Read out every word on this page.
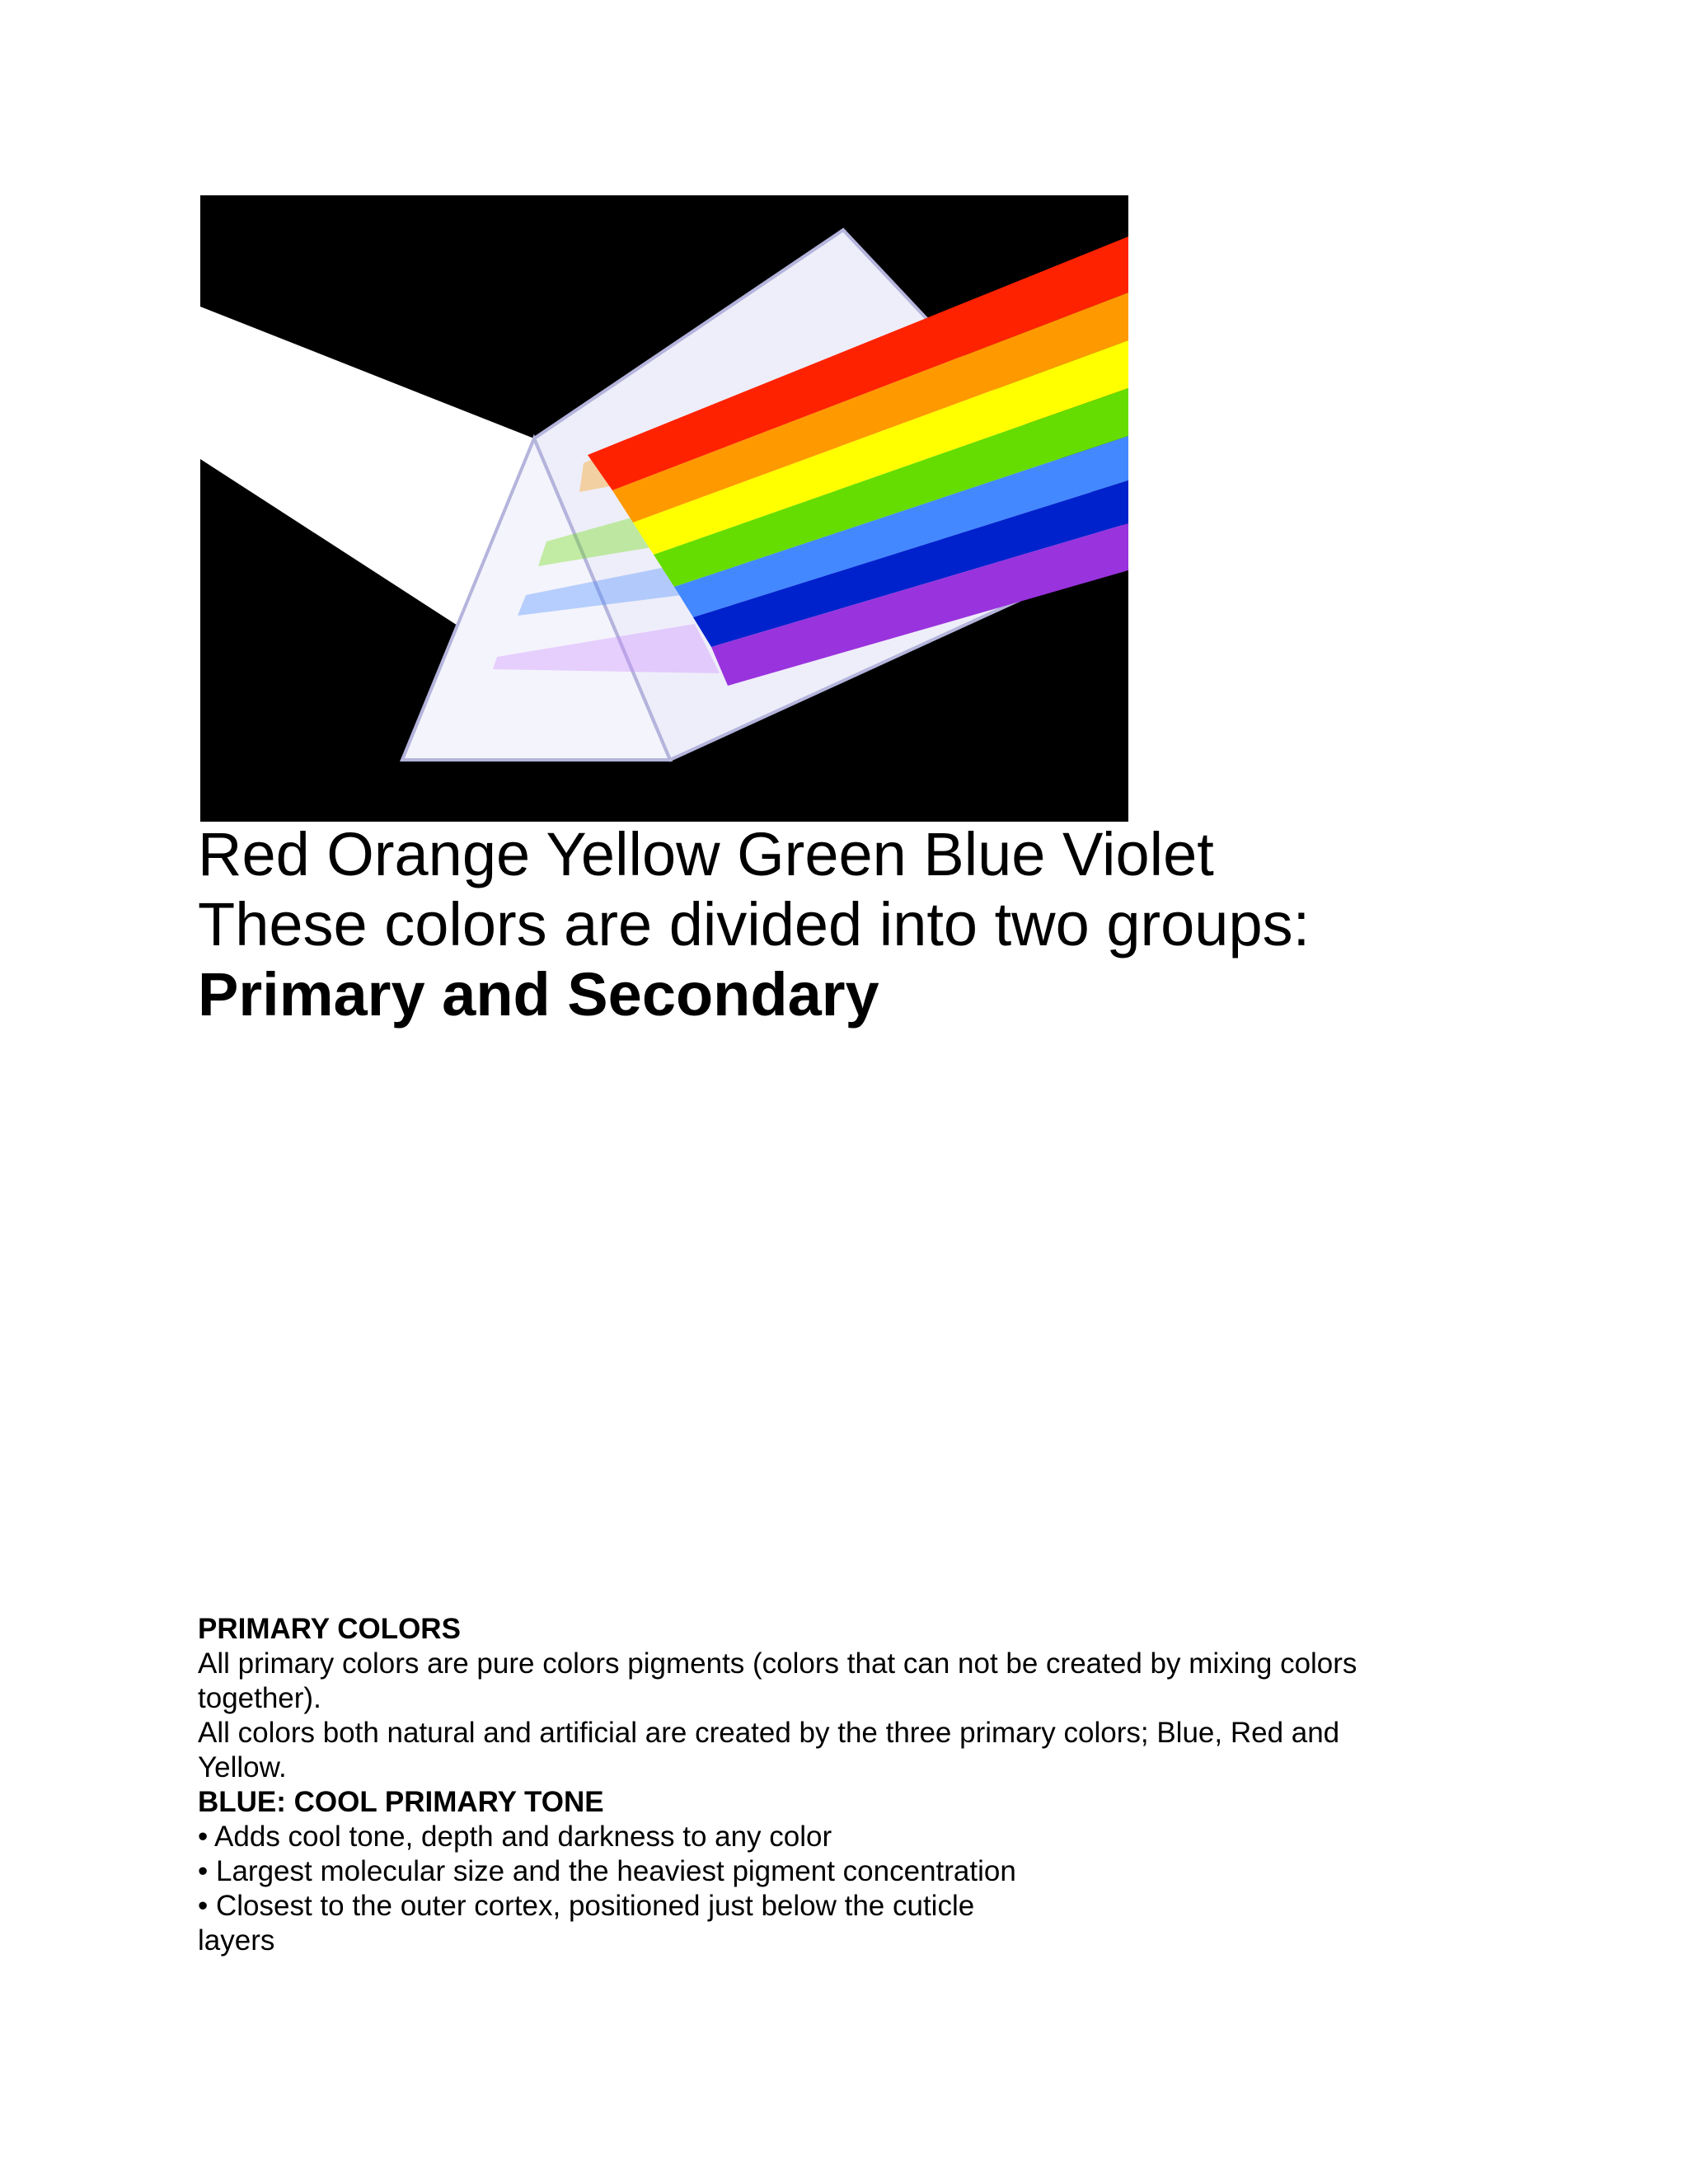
Red Orange Yellow Green Blue Violet

These colors are divided into two groups:

Primary and Secondary

PRIMARY COLORS

All primary colors are pure colors pigments (colors that can not be created by mixing colors

together).

All colors both natural and artificial are created by the three primary colors; Blue, Red and

Yellow.

BLUE: COOL PRIMARY TONE

• Adds cool tone, depth and darkness to any color

• Largest molecular size and the heaviest pigment concentration

• Closest to the outer cortex, positioned just below the cuticle

layers
